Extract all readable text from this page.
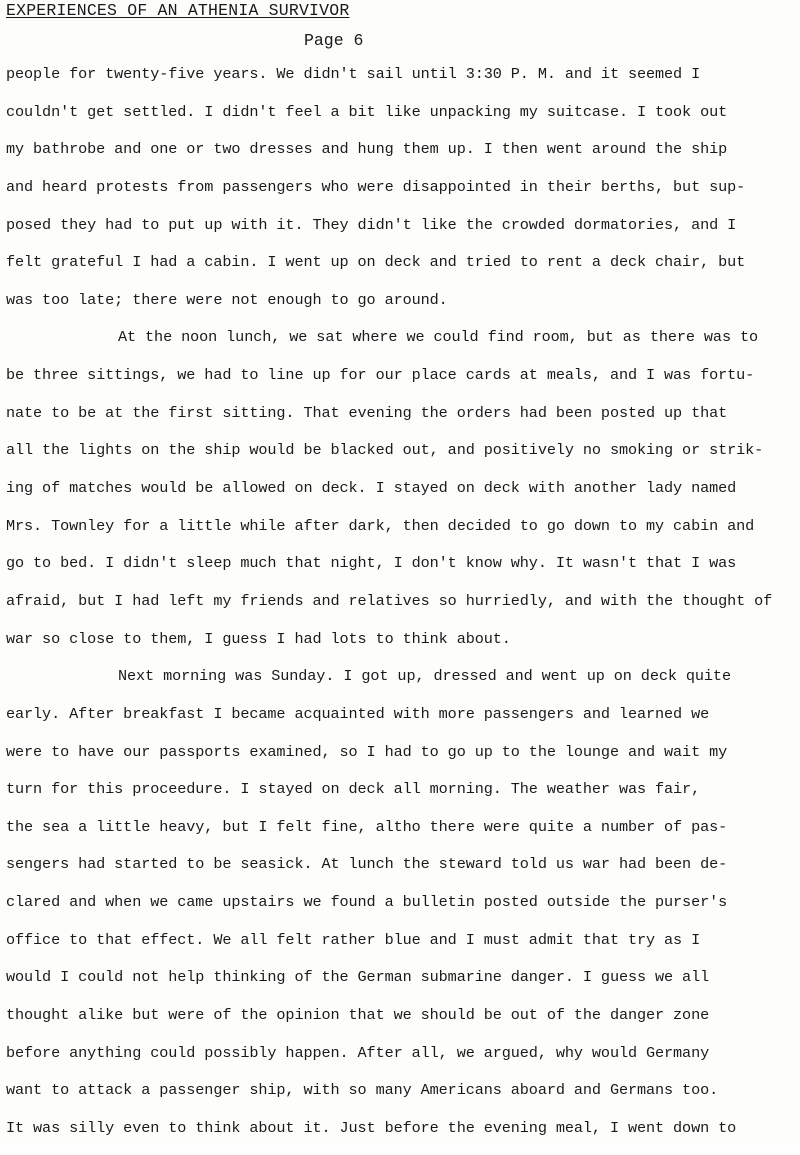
EXPERIENCES OF AN ATHENIA SURVIVOR
Page 6
people for twenty-five years. We didn't sail until 3:30 P. M. and it seemed I
couldn't get settled. I didn't feel a bit like unpacking my suitcase. I took out
my bathrobe and one or two dresses and hung them up. I then went around the ship
and heard protests from passengers who were disappointed in their berths, but sup-
posed they had to put up with it. They didn't like the crowded dormatories, and I
felt grateful I had a cabin. I went up on deck and tried to rent a deck chair, but
was too late; there were not enough to go around.
At the noon lunch, we sat where we could find room, but as there was to
be three sittings, we had to line up for our place cards at meals, and I was fortu-
nate to be at the first sitting. That evening the orders had been posted up that
all the lights on the ship would be blacked out, and positively no smoking or strik-
ing of matches would be allowed on deck. I stayed on deck with another lady named
Mrs. Townley for a little while after dark, then decided to go down to my cabin and
go to bed. I didn't sleep much that night, I don't know why. It wasn't that I was
afraid, but I had left my friends and relatives so hurriedly, and with the thought of
war so close to them, I guess I had lots to think about.
Next morning was Sunday. I got up, dressed and went up on deck quite
early. After breakfast I became acquainted with more passengers and learned we
were to have our passports examined, so I had to go up to the lounge and wait my
turn for this proceedure. I stayed on deck all morning. The weather was fair,
the sea a little heavy, but I felt fine, altho there were quite a number of pas-
sengers had started to be seasick. At lunch the steward told us war had been de-
clared and when we came upstairs we found a bulletin posted outside the purser's
office to that effect. We all felt rather blue and I must admit that try as I
would I could not help thinking of the German submarine danger. I guess we all
thought alike but were of the opinion that we should be out of the danger zone
before anything could possibly happen. After all, we argued, why would Germany
want to attack a passenger ship, with so many Americans aboard and Germans too.
It was silly even to think about it. Just before the evening meal, I went down to
